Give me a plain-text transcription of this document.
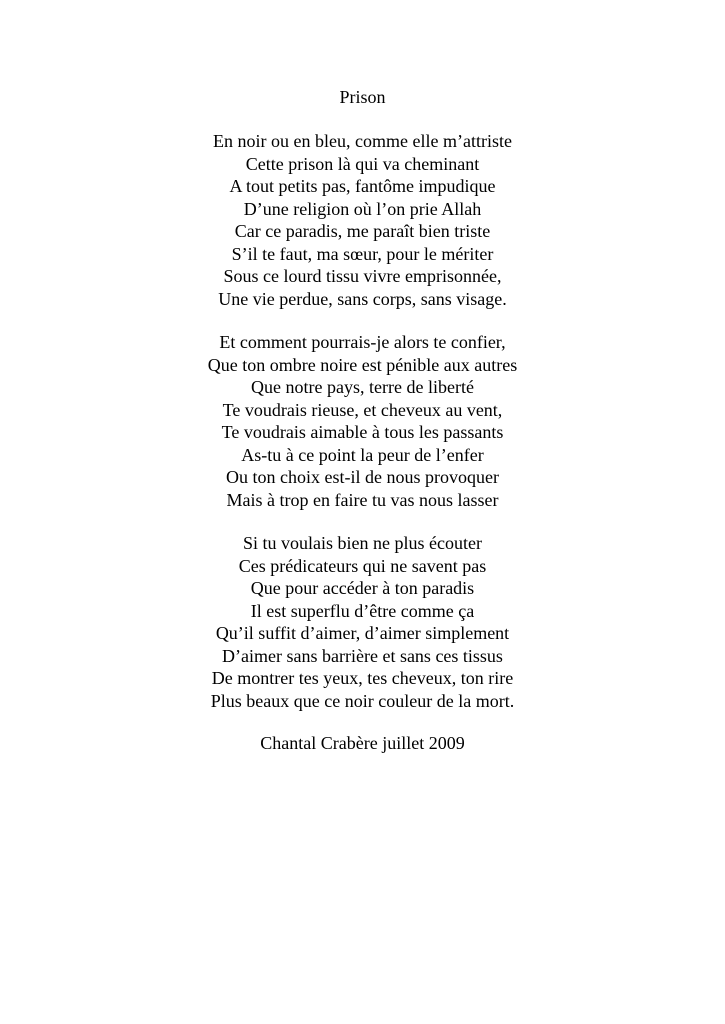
Prison
En noir ou en bleu, comme elle m’attriste
Cette prison là qui va cheminant
A tout petits pas, fantôme impudique
D’une religion où l’on prie Allah
Car ce paradis, me paraît bien triste
S’il te faut, ma sœur, pour le mériter
Sous ce lourd tissu vivre emprisonnée,
Une vie perdue, sans corps, sans visage.
Et comment pourrais-je alors te confier,
Que ton ombre noire est pénible aux autres
Que notre pays, terre de liberté
Te voudrais rieuse, et cheveux au vent,
Te voudrais aimable à tous les passants
As-tu à ce point la peur de l’enfer
Ou ton choix est-il de nous provoquer
Mais à trop en faire tu vas nous lasser
Si tu voulais bien ne plus écouter
Ces prédicateurs qui ne savent pas
Que pour accéder à ton paradis
Il est superflu d’être comme ça
Qu’il suffit d’aimer, d’aimer simplement
D’aimer sans barrière et sans ces tissus
De montrer tes yeux, tes cheveux, ton rire
Plus beaux que ce noir couleur de la mort.
Chantal Crabère juillet 2009
